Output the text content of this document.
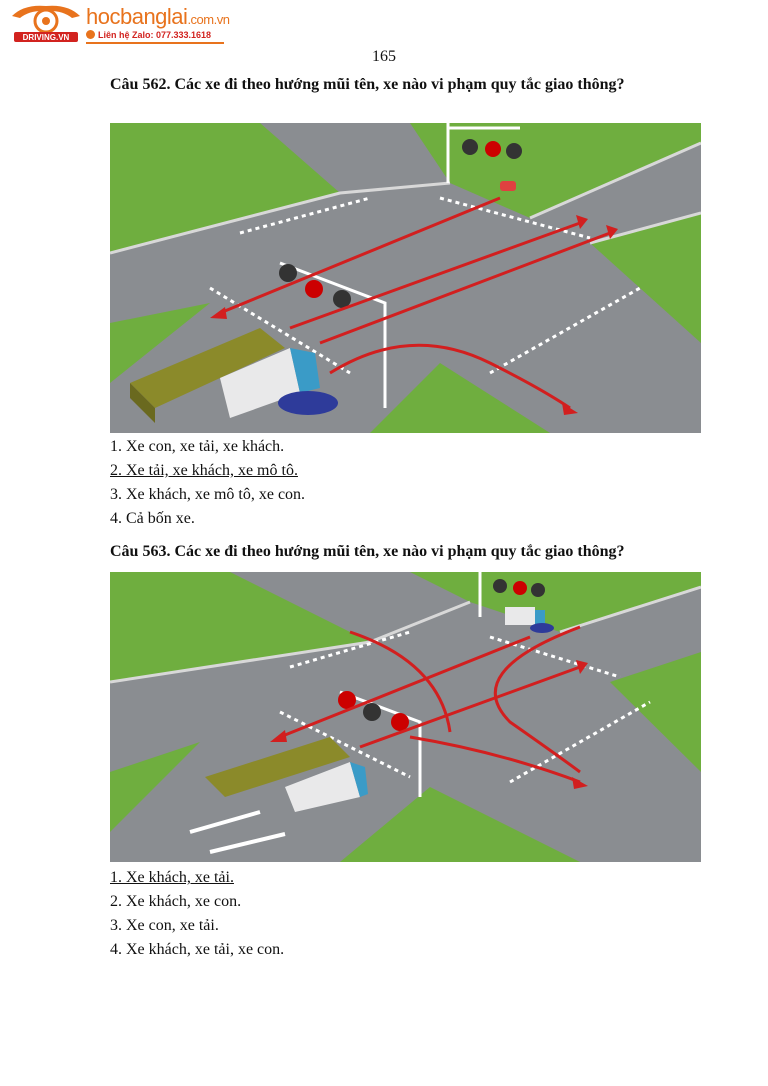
DRIVING.VN
hocbanglai.com.vn
Liên hệ Zalo: 077.333.1618
165
Câu 562. Các xe đi theo hướng mũi tên, xe nào vi phạm quy tắc giao thông?
1. Xe con, xe tải, xe khách.
2. Xe tải, xe khách, xe mô tô.
3. Xe khách, xe mô tô, xe con.
4. Cả bốn xe.
Câu 563. Các xe đi theo hướng mũi tên, xe nào vi phạm quy tắc giao thông?
1. Xe khách, xe tải.
2. Xe khách, xe con.
3. Xe con, xe tải.
4. Xe khách, xe tải, xe con.
